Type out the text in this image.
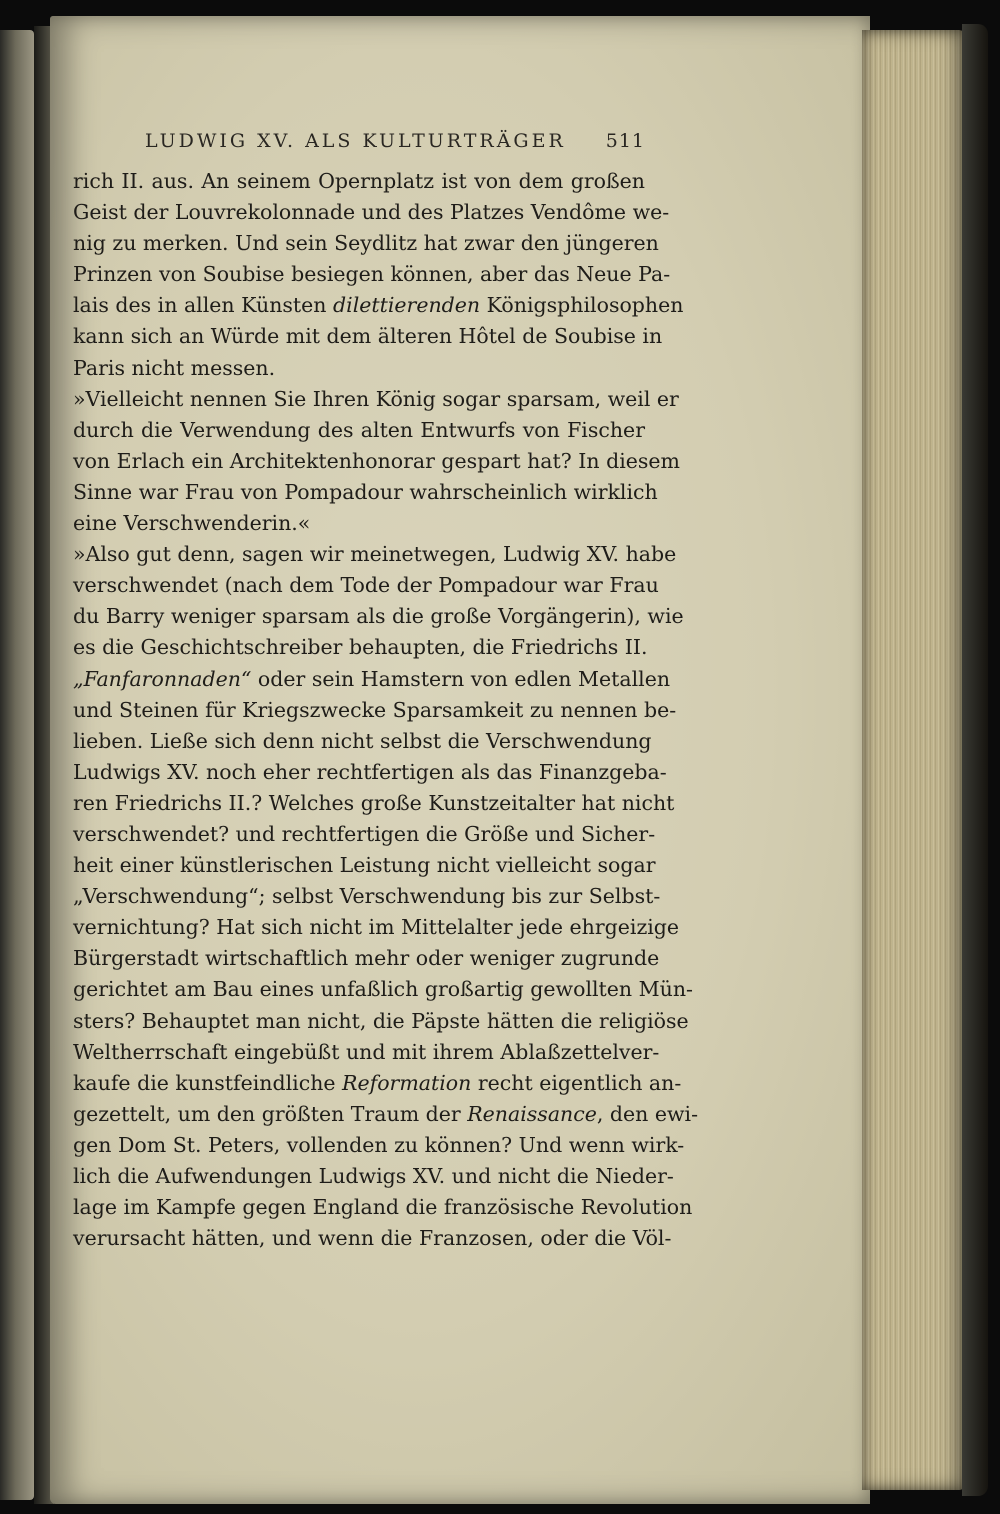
LUDWIG XV. ALS KULTURTRÄGER 511
rich II. aus. An seinem Opernplatz ist von dem großen
Geist der Louvrekolonnade und des Platzes Vendôme we-
nig zu merken. Und sein Seydlitz hat zwar den jüngeren
Prinzen von Soubise besiegen können, aber das Neue Pa-
lais des in allen Künsten dilettierenden Königsphilosophen
kann sich an Würde mit dem älteren Hôtel de Soubise in
Paris nicht messen.
»Vielleicht nennen Sie Ihren König sogar sparsam, weil er
durch die Verwendung des alten Entwurfs von Fischer
von Erlach ein Architektenhonorar gespart hat? In diesem
Sinne war Frau von Pompadour wahrscheinlich wirklich
eine Verschwenderin.«
»Also gut denn, sagen wir meinetwegen, Ludwig XV. habe
verschwendet (nach dem Tode der Pompadour war Frau
du Barry weniger sparsam als die große Vorgängerin), wie
es die Geschichtschreiber behaupten, die Friedrichs II.
„Fanfaronnaden“ oder sein Hamstern von edlen Metallen
und Steinen für Kriegszwecke Sparsamkeit zu nennen be-
lieben. Ließe sich denn nicht selbst die Verschwendung
Ludwigs XV. noch eher rechtfertigen als das Finanzgeba-
ren Friedrichs II.? Welches große Kunstzeitalter hat nicht
verschwendet? und rechtfertigen die Größe und Sicher-
heit einer künstlerischen Leistung nicht vielleicht sogar
„Verschwendung“; selbst Verschwendung bis zur Selbst-
vernichtung? Hat sich nicht im Mittelalter jede ehrgeizige
Bürgerstadt wirtschaftlich mehr oder weniger zugrunde
gerichtet am Bau eines unfaßlich großartig gewollten Mün-
sters? Behauptet man nicht, die Päpste hätten die religiöse
Weltherrschaft eingebüßt und mit ihrem Ablaßzettelver-
kaufe die kunstfeindliche Reformation recht eigentlich an-
gezettelt, um den größten Traum der Renaissance, den ewi-
gen Dom St. Peters, vollenden zu können? Und wenn wirk-
lich die Aufwendungen Ludwigs XV. und nicht die Nieder-
lage im Kampfe gegen England die französische Revolution
verursacht hätten, und wenn die Franzosen, oder die Völ-
